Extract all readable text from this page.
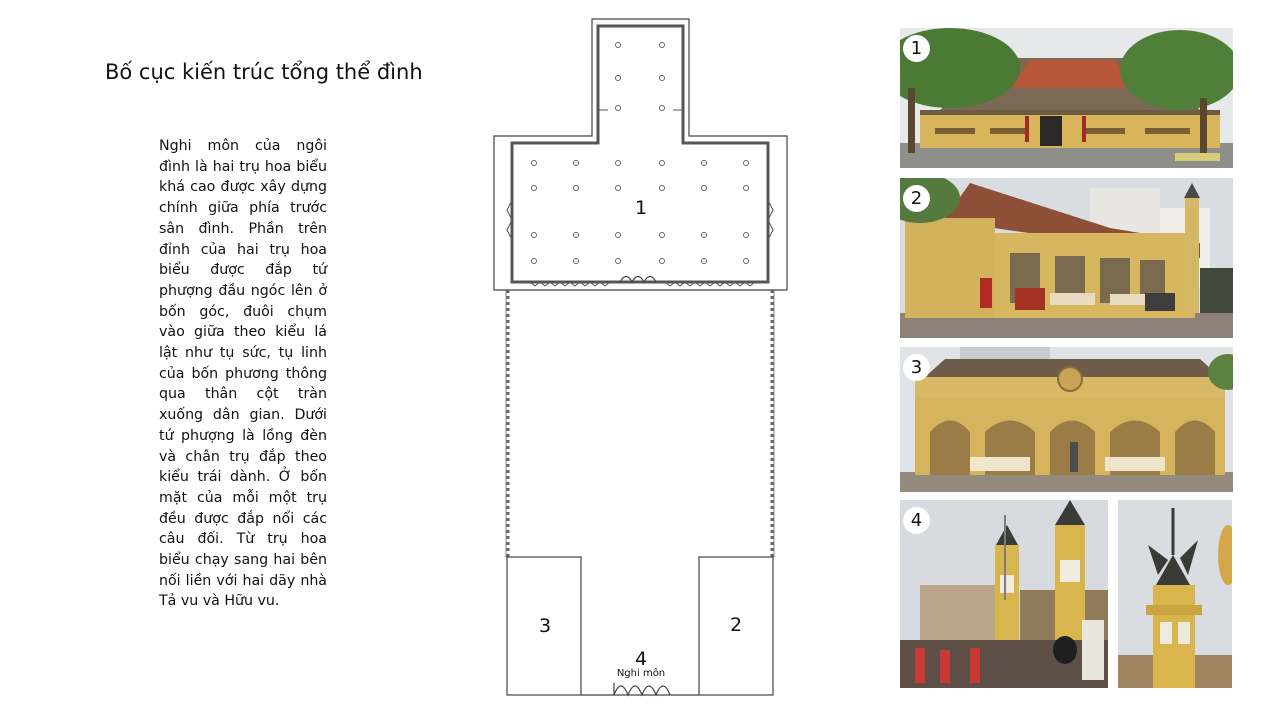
Bố cục kiến trúc tổng thể đình
Nghi môn của ngôi đình là hai trụ hoa biểu khá cao được xây dựng chính giữa phía trước sân đình. Phần trên đỉnh của hai trụ hoa biểu được đắp tứ phượng đầu ngóc lên ở bốn góc, đuôi chụm vào giữa theo kiểu lá lật như tụ sức, tụ linh của bốn phương thông qua thân cột tràn xuống dân gian. Dưới tứ phượng là lồng đèn và chân trụ đắp theo kiểu trái dành. Ở bốn mặt của mỗi một trụ đều được đắp nổi các câu đối. Từ trụ hoa biểu chạy sang hai bên nối liền với hai dãy nhà Tả vu và Hữu vu.
1
3	2
4
Nghi môn
1
2
3
4
